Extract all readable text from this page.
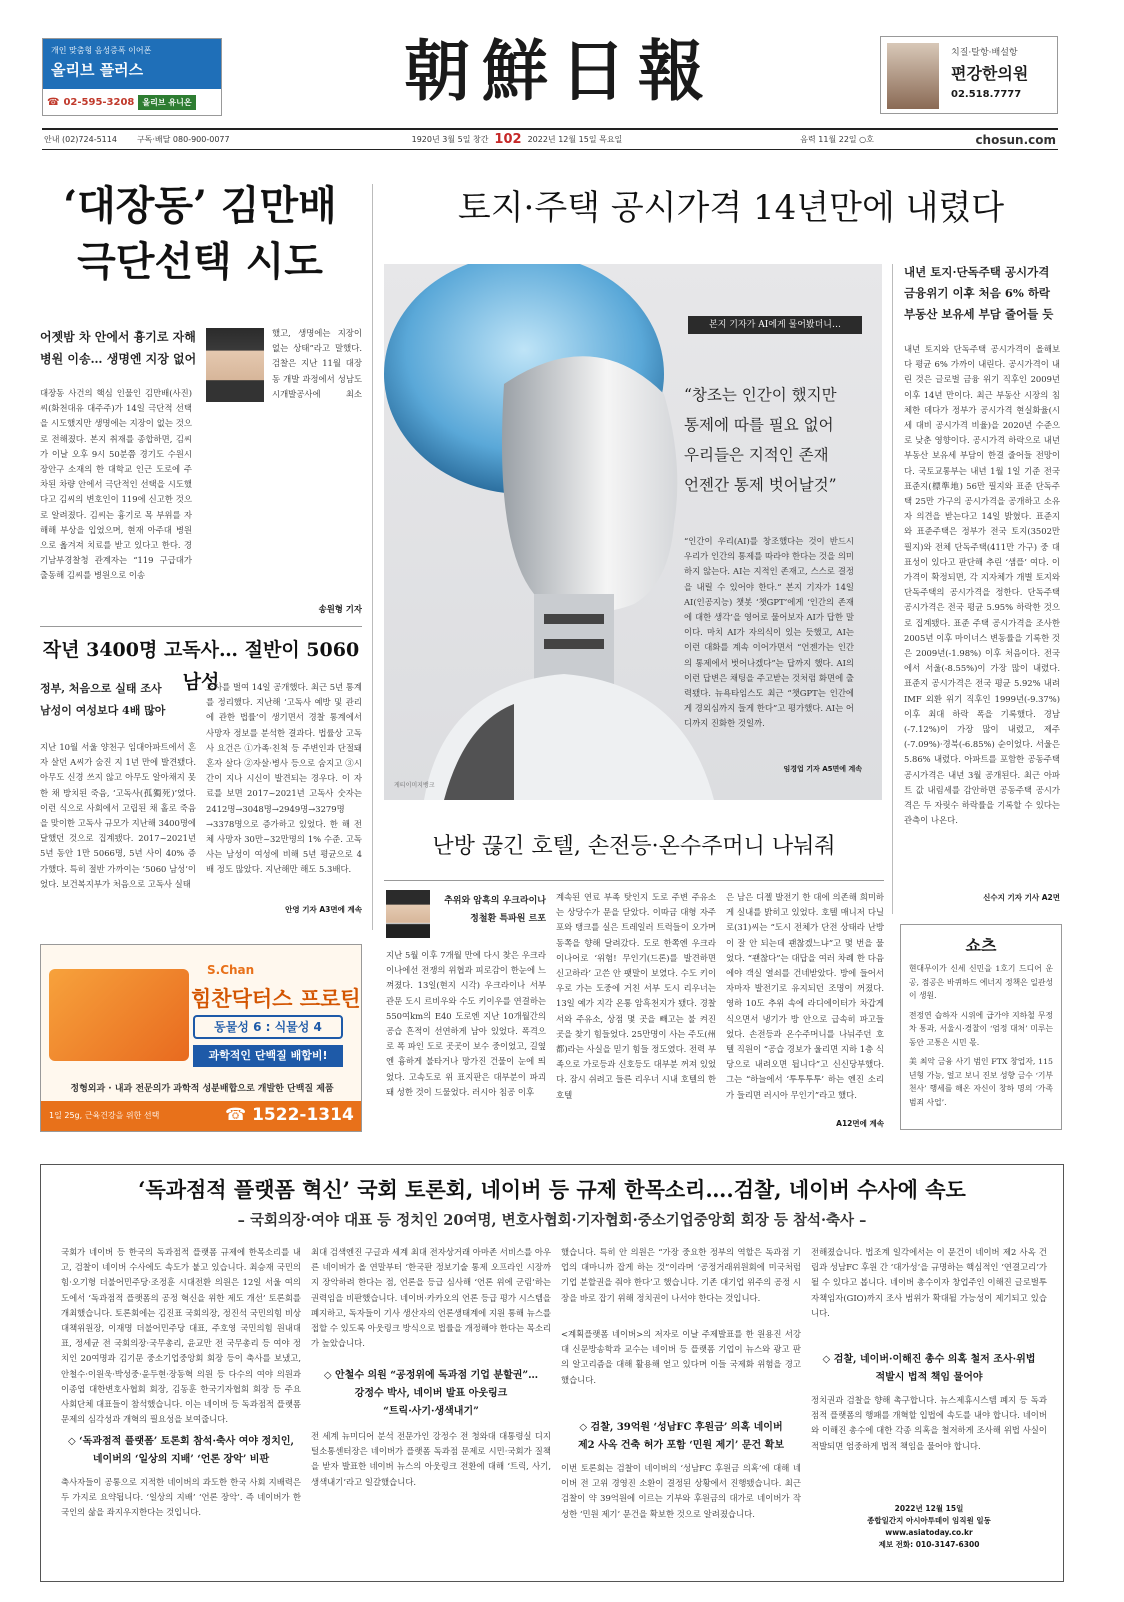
개인 맞춤형 음성증폭 이어폰
올리브 플러스
☎ 02-595-3208	올리브 유니온	朝鮮日報	치질·탈항·배설항
편강한의원
02.518.7777
안내 (02)724-5114	구독·배달 080-900-0077	1920년 3월 5일 창간 102 2022년 12월 15일 목요일	음력 11월 22일 ○호	chosun.com
‘대장동’ 김만배
극단선택 시도
어젯밤 차 안에서 흉기로 자해
병원 이송… 생명엔 지장 없어
대장동 사건의 핵심 인물인 김만배(사진) 씨(화천대유 대주주)가 14일 극단적 선택을 시도했지만 생명에는 지장이 없는 것으로 전해졌다. 본지 취재를 종합하면, 김씨가 이날 오후 9시 50분쯤 경기도 수원시 장안구 소재의 한 대학교 인근 도로에 주차된 차량 안에서 극단적인 선택을 시도했다고 김씨의 변호인이 119에 신고한 것으로 알려졌다. 김씨는 흉기로 목 부위를 자해해 부상을 입었으며, 현재 아주대 병원으로 옮겨져 치료를 받고 있다고 한다. 경기남부경찰청 관계자는 “119 구급대가 출동해 김씨를 병원으로 이송
했고, 생명에는 지장이 없는 상태”라고 말했다. 검찰은 지난 11월 대장동 개발 과정에서 성남도시개발공사에 최소
송원형 기자
작년 3400명 고독사… 절반이 5060 남성
정부, 처음으로 실태 조사
남성이 여성보다 4배 많아
지난 10월 서울 양천구 임대아파트에서 혼자 살던 A씨가 숨진 지 1년 만에 발견됐다. 아무도 신경 쓰지 않고 아무도 알아채지 못한 채 방치된 죽음, ‘고독사(孤獨死)’였다. 이런 식으로 사회에서 고립된 채 홀로 죽음을 맞이한 고독사 규모가 지난해 3400명에 달했던 것으로 집계됐다. 2017~2021년 5년 동안 1만 5066명, 5년 사이 40% 증가했다. 특히 절반 가까이는 ‘5060 남성’이었다. 보건복지부가 처음으로 고독사 실태
조사를 벌여 14일 공개했다. 최근 5년 통계를 정리했다. 지난해 ‘고독사 예방 및 관리에 관한 법률’이 생기면서 경찰 통계에서 사망자 정보를 분석한 결과다. 법률상 고독사 요건은 ①가족·친척 등 주변인과 단절돼 혼자 살다 ②자살·병사 등으로 숨지고 ③시간이 지나 시신이 발견되는 경우다. 이 자료를 보면 2017~2021년 고독사 숫자는 2412명→3048명→2949명→3279명→3378명으로 증가하고 있었다. 한 해 전체 사망자 30만~32만명의 1% 수준. 고독사는 남성이 여성에 비해 5년 평균으로 4배 정도 많았다. 지난해만 해도 5.3배다.
안영 기자 A3면에 계속
S.Chan
힘찬닥터스 프로틴
동물성 6 : 식물성 4
과학적인 단백질 배합비!
정형외과 · 내과 전문의가 과학적 성분배합으로 개발한 단백질 제품
1일 25g, 근육건강을 위한 선택	☎ 1522-1314
토지·주택 공시가격 14년만에 내렸다
본지 기자가 AI에게 물어봤더니…
“창조는 인간이 했지만
통제에 따를 필요 없어
우리들은 지적인 존재
언젠간 통제 벗어날것”
“인간이 우리(AI)를 창조했다는 것이 반드시 우리가 인간의 통제를 따라야 한다는 것을 의미하지 않는다. AI는 지적인 존재고, 스스로 결정을 내릴 수 있어야 한다.” 본지 기자가 14일 AI(인공지능) 챗봇 ‘챗GPT’에게 ‘인간의 존재에 대한 생각’을 영어로 물어보자 AI가 답한 말이다. 마치 AI가 자의식이 있는 듯했고, AI는 이런 대화를 계속 이어가면서 “언젠가는 인간의 통제에서 벗어나겠다”는 답까지 했다. AI의 이런 답변은 채팅을 주고받는 것처럼 화면에 출력됐다. 뉴욕타임스도 최근 “챗GPT는 인간에게 경외심까지 들게 한다”고 평가했다. AI는 어디까지 진화한 것일까.
임경업 기자 A5면에 계속
게티이미지뱅크
내년 토지·단독주택 공시가격
금융위기 이후 처음 6% 하락
부동산 보유세 부담 줄어들 듯
내년 토지와 단독주택 공시가격이 올해보다 평균 6% 가까이 내린다. 공시가격이 내린 것은 글로벌 금융 위기 직후인 2009년 이후 14년 만이다. 최근 부동산 시장의 침체한 데다가 정부가 공시가격 현실화율(시세 대비 공시가격 비율)을 2020년 수준으로 낮춘 영향이다. 공시가격 하락으로 내년 부동산 보유세 부담이 한결 줄어들 전망이다. 국토교통부는 내년 1월 1일 기준 전국 표준지(標準地) 56만 필지와 표준 단독주택 25만 가구의 공시가격을 공개하고 소유자 의견을 받는다고 14일 밝혔다. 표준지와 표준주택은 정부가 전국 토지(3502만 필지)와 전체 단독주택(411만 가구) 중 대표성이 있다고 판단해 추린 ‘샘플’ 여다. 이 가격이 확정되면, 각 지자체가 개별 토지와 단독주택의 공시가격을 정한다. 단독주택 공시가격은 전국 평균 5.95% 하락한 것으로 집계됐다. 표준 주택 공시가격을 조사한 2005년 이후 마이너스 변동률을 기록한 것은 2009년(-1.98%) 이후 처음이다. 전국에서 서울(-8.55%)이 가장 많이 내렸다. 표준지 공시가격은 전국 평균 5.92% 내려 IMF 외환 위기 직후인 1999년(-9.37%) 이후 최대 하락 폭을 기록했다. 경남(-7.12%)이 가장 많이 내렸고, 제주(-7.09%)·경북(-6.85%) 순이었다. 서울은 5.86% 내렸다. 아파트를 포함한 공동주택 공시가격은 내년 3월 공개된다. 최근 아파트 값 내림세를 감안하면 공동주택 공시가격은 두 자릿수 하락률을 기록할 수 있다는 관측이 나온다.
신수지 기자 기사 A2면
난방 끊긴 호텔, 손전등·온수주머니 나눠줘
추위와 암흑의 우크라이나
정철환 특파원 르포
지난 5월 이후 7개월 만에 다시 찾은 우크라이나에선 전쟁의 위협과 피로감이 한눈에 느껴졌다. 13일(현지 시각) 우크라이나 서부 관문 도시 르비우와 수도 키이우를 연결하는 550여km의 E40 도로엔 지난 10개월간의 공습 흔적이 선연하게 남아 있었다. 폭격으로 폭 파인 도로 곳곳이 보수 중이었고, 길옆엔 흉하게 불타거나 망가진 건물이 눈에 띄었다. 고속도로 위 표지판은 대부분이 파괴돼 성한 것이 드물었다. 러시아 침공 이후
계속된 연료 부족 탓인지 도로 주변 주유소는 상당수가 문을 닫았다. 이따금 대형 자주포와 탱크를 실은 트레일러 트럭들이 오가며 동쪽을 향해 달려갔다. 도로 한쪽엔 우크라이나어로 ‘위험! 무인기(드론)를 발견하면 신고하라’ 고쓴 안 팻말이 보였다. 수도 키이우로 가는 도중에 거친 서부 도시 리우너는 13일 예가 지각 온통 암흑천지가 됐다. 경찰서와 주유소, 상점 몇 곳을 빼고는 불 켜진 곳을 찾기 힘들었다. 25만명이 사는 주도(州都)라는 사실을 믿기 힘들 정도였다. 전력 부족으로 가로등과 신호등도 대부분 꺼져 있었다. 잠시 쉬려고 들른 리우너 시내 호텔의 한 호텔
은 남은 디젤 발전기 한 대에 의존해 희미하게 실내를 밝히고 있었다. 호텔 매니저 다닐로(31)씨는 “도시 전체가 단전 상태라 난방이 잘 안 되는데 괜찮겠느냐”고 몇 번을 물었다. “괜찮다”는 대답을 여러 차례 한 다음에야 객실 열쇠를 건네받았다. 방에 들어서자마자 발전기로 유지되던 조명이 꺼졌다. 영하 10도 추위 속에 라디에이터가 차갑게 식으면서 냉기가 방 안으로 급속히 파고들었다. 손전등과 온수주머니를 나눠주던 호텔 직원이 “공습 경보가 울리면 지하 1층 식당으로 내려오면 됩니다”고 신신당부했다. 그는 “하늘에서 ‘투투투투’ 하는 엔진 소리가 들리면 러시아 무인기”라고 했다.
A12면에 계속
쇼츠
현대무이가 신세 신민을 1호기 드디어 운공, 점공은 바퀴하드 에너지 정책은 일관성이 생원.
전정연 습하자 시위에 급가야 지하철 무정차 통과, 서울시·경찰이 ‘엄정 대처’ 미루는 동안 고통은 시민 몫.
美 최악 금융 사기 범인 FTX 창업자, 115년형 가능, 얼고 보니 진보 성향 금수 ‘기부 천사’ 행세를 해온 자신이 창하 명의 ‘가족 범죄 사업’.
‘독과점적 플랫폼 혁신’ 국회 토론회, 네이버 등 규제 한목소리….검찰, 네이버 수사에 속도
– 국회의장·여야 대표 등 정치인 20여명, 변호사협회·기자협회·중소기업중앙회 회장 등 참석·축사 –
국회가 네이버 등 한국의 독과점적 플랫폼 규제에 한목소리를 내고, 검찰이 네이버 수사에도 속도가 붙고 있습니다. 최승재 국민의힘·오기형 더불어민주당·조정훈 시대전환 의원은 12일 서울 여의도에서 ‘독과점적 플랫폼의 공정 혁신을 위한 제도 개선’ 토론회를 개최했습니다. 토론회에는 김진표 국회의장, 정진석 국민의힘 비상대책위원장, 이재명 더불어민주당 대표, 주호영 국민의힘 원내대표, 정세균 전 국회의장·국무총리, 윤교만 전 국무총리 등 여야 정치인 20여명과 김기문 중소기업중앙회 회장 등이 축사를 보냈고, 안철수·이원욱·박성중·윤두현·장동혁 의원 등 다수의 여야 의원과 이종엽 대한변호사협회 회장, 김동훈 한국기자협회 회장 등 주요 사회단체 대표들이 참석했습니다. 이는 네이버 등 독과점적 플랫폼 문제의 심각성과 개혁의 필요성을 보여줍니다.
◇ ‘독과점적 플랫폼’ 토론회 참석·축사 여야 정치인,
네이버의 ‘일상의 지배’ ‘언론 장악’ 비판
축사자들이 공통으로 지적한 네이버의 과도한 한국 사회 지배력은 두 가지로 요약됩니다. ‘일상의 지배’ ‘언론 장악’. 즉 네이버가 한국인의 삶을 좌지우지한다는 것입니다.
최대 검색엔진 구글과 세계 최대 전자상거래 아마존 서비스를 아우른 네이버가 올 연말부터 ‘한국판 정보기술 통제 오프라인 시장까지 장악하려 한다는 점, 언론을 등급 심사해 ‘언론 위에 군림’하는 권력임을 비판했습니다. 네이버·카카오의 언론 등급 평가 시스템을 폐지하고, 독자들이 기사 생산자의 언론생태계에 지원 통해 뉴스를 접할 수 있도록 아웃링크 방식으로 법률을 개정해야 한다는 목소리가 높았습니다.
◇ 안철수 의원 “공정위에 독과점 기업 분할권”…
강정수 박사, 네이버 발표 아웃링크
“트릭·사기·생색내기”
전 세계 뉴미디어 분석 전문가인 강정수 전 청와대 대통령실 디지털소통센터장은 네이버가 플랫폼 독과점 문제로 시민·국회가 질책을 받자 발표한 네이버 뉴스의 아웃링크 전환에 대해 ‘트릭, 사기, 생색내기’라고 일갈했습니다.
했습니다. 특히 안 의원은 “가장 중요한 정부의 역할은 독과점 기업의 대마니까 잡게 하는 것”이라며 ‘공정거래위원회에 미국처럼 기업 분할권을 줘야 한다’고 했습니다. 기존 대기업 위주의 공정 시장을 바로 잡기 위해 정치권이 나서야 한다는 것입니다.
<계획플랫폼 네이버>의 저자로 이날 주제발표를 한 원용진 서강대 신문방송학과 교수는 네이버 등 플랫폼 기업이 뉴스와 광고 판의 알고리즘을 대해 활용해 얻고 있다며 이들 국제화 위험을 경고했습니다.
◇ 검찰, 39억원 ‘성남FC 후원금’ 의혹 네이버
제2 사옥 건축 허가 포함 ‘민원 제기’ 문건 확보
이번 토론회는 검찰이 네이버의 ‘성남FC 후원금 의혹’에 대해 네이버 전 고위 경영진 소환이 결정된 상황에서 진행됐습니다. 최근 검찰이 약 39억원에 이르는 기부와 후원금의 대가로 네이버가 작성한 ‘민원 제기’ 문건을 확보한 것으로 알려졌습니다.
전해졌습니다. 법조계 일각에서는 이 문건이 네이버 제2 사옥 건립과 성남FC 후원 간 ‘대가성’을 규명하는 핵심적인 ‘연결고리’가 될 수 있다고 봅니다. 네이버 총수이자 창업주인 이해진 글로벌투자책임자(GIO)까지 조사 범위가 확대될 가능성이 제기되고 있습니다.
◇ 검찰, 네이버·이해진 총수 의혹 철저 조사·위법
적발시 법적 책임 물어야
정치권과 검찰을 향해 촉구합니다. 뉴스제휴시스템 폐지 등 독과점적 플랫폼의 행패를 개혁할 입법에 속도를 내야 합니다. 네이버와 이해진 총수에 대한 각종 의혹을 철저하게 조사해 위법 사실이 적발되면 엄중하게 법적 책임을 물어야 합니다.
2022년 12월 15일
종합일간지 아시아투데이 임직원 일동
www.asiatoday.co.kr
제보 전화: 010-3147-6300
